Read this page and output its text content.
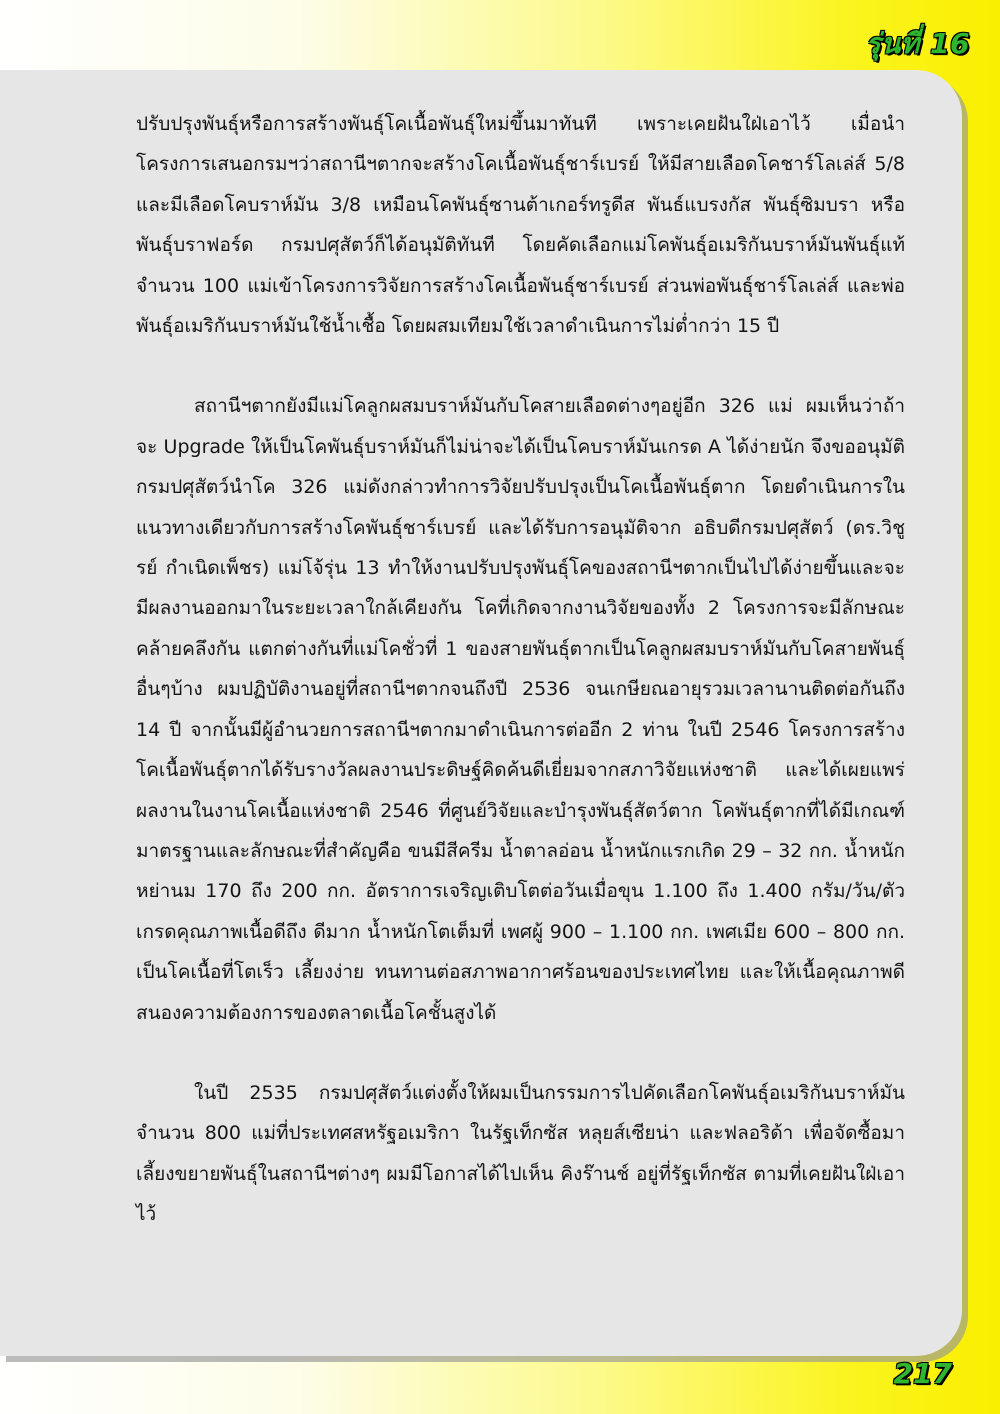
รุ่นที่ 16

ปรับปรุงพันธุ์หรือการสร้างพันธุ์โคเนื้อพันธุ์ใหม่ขึ้นมาทันที เพราะเคยฝันใฝ่เอาไว้ เมื่อนำโครงการเสนอกรมฯว่าสถานีฯตากจะสร้างโคเนื้อพันธุ์ชาร์เบรย์ ให้มีสายเลือดโคชาร์โลเล่ส์ 5/8 และมีเลือดโคบราห์มัน 3/8 เหมือนโคพันธุ์ซานต้าเกอร์ทรูดีส พันธ์แบรงกัส พันธุ์ซิมบรา หรือพันธุ์บราฟอร์ด กรมปศุสัตว์ก็ได้อนุมัติทันที โดยคัดเลือกแม่โคพันธุ์อเมริกันบราห์มันพันธุ์แท้จำนวน 100 แม่เข้าโครงการวิจัยการสร้างโคเนื้อพันธุ์ชาร์เบรย์ ส่วนพ่อพันธุ์ชาร์โลเล่ส์ และพ่อพันธุ์อเมริกันบราห์มันใช้น้ำเชื้อ โดยผสมเทียมใช้เวลาดำเนินการไม่ต่ำกว่า 15 ปี

สถานีฯตากยังมีแม่โคลูกผสมบราห์มันกับโคสายเลือดต่างๆอยู่อีก 326 แม่ ผมเห็นว่าถ้าจะ Upgrade ให้เป็นโคพันธุ์บราห์มันก็ไม่น่าจะได้เป็นโคบราห์มันเกรด A ได้ง่ายนัก จึงขออนุมัติกรมปศุสัตว์นำโค 326 แม่ดังกล่าวทำการวิจัยปรับปรุงเป็นโคเนื้อพันธุ์ตาก โดยดำเนินการในแนวทางเดียวกับการสร้างโคพันธุ์ชาร์เบรย์ และได้รับการอนุมัติจาก อธิบดีกรมปศุสัตว์ (ดร.วิชูรย์ กำเนิดเพ็ชร) แม่โจ้รุ่น 13 ทำให้งานปรับปรุงพันธุ์โคของสถานีฯตากเป็นไปได้ง่ายขึ้นและจะมีผลงานออกมาในระยะเวลาใกล้เคียงกัน โคที่เกิดจากงานวิจัยของทั้ง 2 โครงการจะมีลักษณะคล้ายคลึงกัน แตกต่างกันที่แม่โคชั่วที่ 1 ของสายพันธุ์ตากเป็นโคลูกผสมบราห์มันกับโคสายพันธุ์อื่นๆบ้าง ผมปฏิบัติงานอยู่ที่สถานีฯตากจนถึงปี 2536 จนเกษียณอายุรวมเวลานานติดต่อกันถึง 14 ปี จากนั้นมีผู้อำนวยการสถานีฯตากมาดำเนินการต่ออีก 2 ท่าน ในปี 2546 โครงการสร้างโคเนื้อพันธุ์ตากได้รับรางวัลผลงานประดิษฐ์คิดค้นดีเยี่ยมจากสภาวิจัยแห่งชาติ และได้เผยแพร่ผลงานในงานโคเนื้อแห่งชาติ 2546 ที่ศูนย์วิจัยและบำรุงพันธุ์สัตว์ตาก โคพันธุ์ตากที่ได้มีเกณฑ์มาตรฐานและลักษณะที่สำคัญคือ ขนมีสีครีม น้ำตาลอ่อน น้ำหนักแรกเกิด 29 – 32 กก. น้ำหนักหย่านม 170 ถึง 200 กก. อัตราการเจริญเติบโตต่อวันเมื่อขุน 1.100 ถึง 1.400 กรัม/วัน/ตัว เกรดคุณภาพเนื้อดีถึง ดีมาก น้ำหนักโตเต็มที่ เพศผู้ 900 – 1.100 กก. เพศเมีย 600 – 800 กก. เป็นโคเนื้อที่โตเร็ว เลี้ยงง่าย ทนทานต่อสภาพอากาศร้อนของประเทศไทย และให้เนื้อคุณภาพดี สนองความต้องการของตลาดเนื้อโคชั้นสูงได้

ในปี 2535 กรมปศุสัตว์แต่งตั้งให้ผมเป็นกรรมการไปคัดเลือกโคพันธุ์อเมริกันบราห์มัน จำนวน 800 แม่ที่ประเทศสหรัฐอเมริกา ในรัฐเท็กซัส หลุยส์เซียน่า และฟลอริด้า เพื่อจัดซื้อมาเลี้ยงขยายพันธุ์ในสถานีฯต่างๆ ผมมีโอกาสได้ไปเห็น คิงร๊านช์ อยู่ที่รัฐเท็กซัส ตามที่เคยฝันใฝ่เอาไว้

217
